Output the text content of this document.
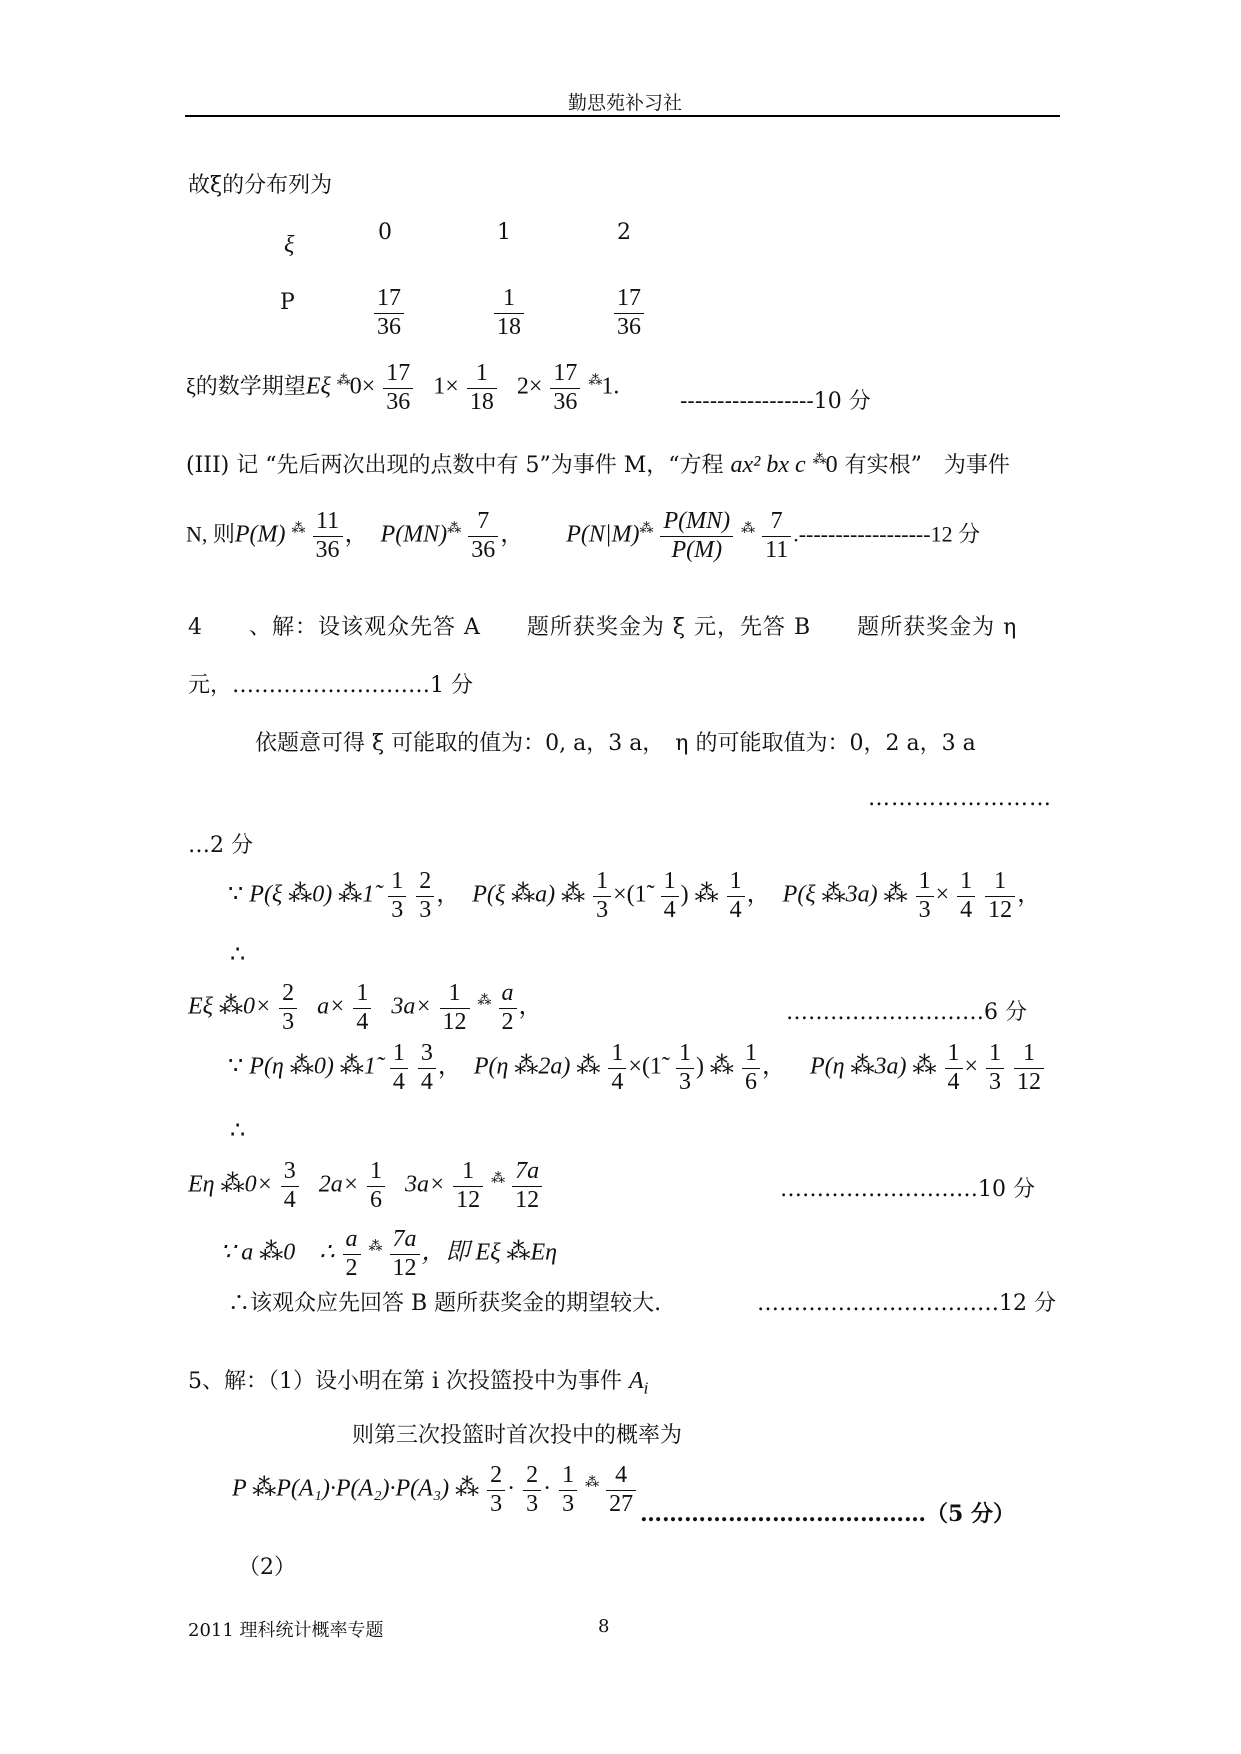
勤思苑补习社
故ξ的分布列为
ξ	0	1	2
P	$\frac{17}{36}$	$\frac{1}{18}$	$\frac{17}{36}$
ξ的数学期望Eξ $^⁂0\times \frac{17}{36} 1\times \frac{1}{18} 2\times \frac{17}{36} ^⁂1$.
------------------10 分
(III) 记 “先后两次出现的点数中有 5”为事件 M，“方程 ax² bx c ⁂0 有实根”　为事件
N, 则P(M) $^⁂ \frac{11}{36}$ ，  $P(MN)^⁂ \frac{7}{36}$ ，       $P(N|M)^⁂ \frac{P(MN)}{P(M)} ^⁂ \frac{7}{11} .------------------12$ 分
4　　、解：设该观众先答 A　　题所获奖金为 ξ 元，先答 B　　题所获奖金为 η
元，………………………1 分
依题意可得 ξ 可能取的值为：0, a，3 a，　η 的可能取值为：0，2 a，3 a
……………………
…2 分
∵ P(ξ ⁂0) ⁂1̃ $\frac{1}{3}$
$\frac{2}{3}$ ，  P(ξ ⁂a) ⁂ $\frac{1}{3}$ ×(1̃ $\frac{1}{4}$ ) ⁂ $\frac{1}{4}$ ，  P(ξ ⁂3a) ⁂ $\frac{1}{3} \times \frac{1}{4}$
$\frac{1}{12}$ ，
∴
Eξ ⁂0× $\frac{2}{3} a\times \frac{1}{4} 3a\times \frac{1}{12} ^⁂ \frac{a}{2}$ ，	………………………6 分
∵ P(η ⁂0) ⁂1̃ $\frac{1}{4}$
$\frac{3}{4}$ ，  P(η ⁂2a) ⁂ $\frac{1}{4}$ ×(1̃ $\frac{1}{3}$ ) ⁂ $\frac{1}{6}$ ，    P(η ⁂3a) ⁂ $\frac{1}{4} \times \frac{1}{3}$
$\frac{1}{12}$
∴
Eη ⁂0× $\frac{3}{4} 2a\times \frac{1}{6} 3a\times \frac{1}{12} ^⁂ \frac{7a}{12}$	………………………10 分
∵ a ⁂0　∴ $\frac{a}{2} ^⁂ \frac{7a}{12}$ ，即 Eξ ⁂Eη
∴该观众应先回答 B 题所获奖金的期望较大.	……………………………12 分
5、解：（1）设小明在第 i 次投篮投中为事件 $A_i$
则第三次投篮时首次投中的概率为
P ⁂P(A₁)·P(A₂)·P(A₃) ⁂ $\frac{2}{3} \cdot \frac{2}{3} \cdot \frac{1}{3} ^⁂ \frac{4}{27}$ …………………………………（5 分）
（2）
2011 理科统计概率专题	8
